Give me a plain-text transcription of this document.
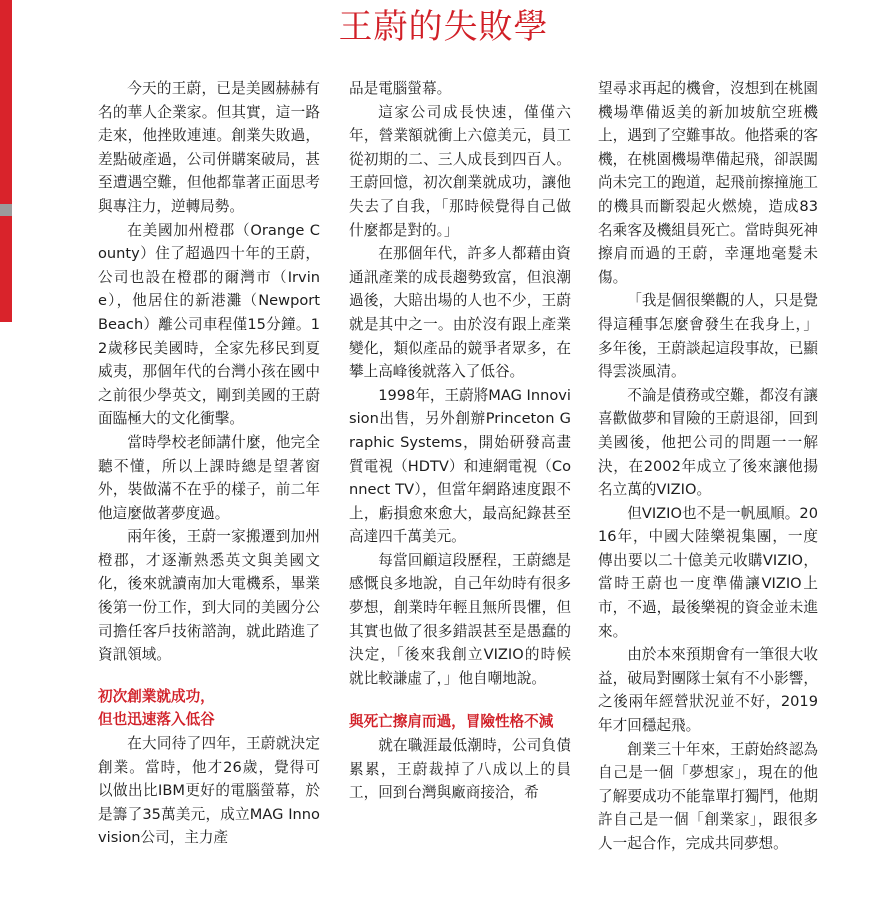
王蔚的失敗學

今天的王蔚，已是美國赫赫有名的華人企業家。但其實，這一路走來，他挫敗連連。創業失敗過，差點破產過，公司併購案破局，甚至遭遇空難，但他都靠著正面思考與專注力，逆轉局勢。

在美國加州橙郡（Orange County）住了超過四十年的王蔚，公司也設在橙郡的爾灣市（Irvine），他居住的新港灘（Newport Beach）離公司車程僅15分鐘。12歲移民美國時，全家先移民到夏威夷，那個年代的台灣小孩在國中之前很少學英文，剛到美國的王蔚面臨極大的文化衝擊。

當時學校老師講什麼，他完全聽不懂，所以上課時總是望著窗外，裝做滿不在乎的樣子，前二年他這麼做著夢度過。

兩年後，王蔚一家搬遷到加州橙郡，才逐漸熟悉英文與美國文化，後來就讀南加大電機系，畢業後第一份工作，到大同的美國分公司擔任客戶技術諮詢，就此踏進了資訊領域。

初次創業就成功，
但也迅速落入低谷

在大同待了四年，王蔚就決定創業。當時，他才26歲，覺得可以做出比IBM更好的電腦螢幕，於是籌了35萬美元，成立MAG Innovision公司，主力產

品是電腦螢幕。

這家公司成長快速，僅僅六年，營業額就衝上六億美元，員工從初期的二、三人成長到四百人。王蔚回憶，初次創業就成功，讓他失去了自我，「那時候覺得自己做什麼都是對的。」

在那個年代，許多人都藉由資通訊產業的成長趨勢致富，但浪潮過後，大賠出場的人也不少，王蔚就是其中之一。由於沒有跟上產業變化，類似產品的競爭者眾多，在攀上高峰後就落入了低谷。

1998年，王蔚將MAG Innovision出售，另外創辦Princeton Graphic Systems，開始研發高畫質電視（HDTV）和連網電視（Connect TV），但當年網路速度跟不上，虧損愈來愈大，最高紀錄甚至高達四千萬美元。

每當回顧這段歷程，王蔚總是感慨良多地說，自己年幼時有很多夢想，創業時年輕且無所畏懼，但其實也做了很多錯誤甚至是愚蠢的決定，「後來我創立VIZIO的時候就比較謙虛了，」他自嘲地說。

與死亡擦肩而過，冒險性格不減

就在職涯最低潮時，公司負債累累，王蔚裁掉了八成以上的員工，回到台灣與廠商接洽，希

望尋求再起的機會，沒想到在桃園機場準備返美的新加坡航空班機上，遇到了空難事故。他搭乘的客機，在桃園機場準備起飛，卻誤闖尚未完工的跑道，起飛前擦撞施工的機具而斷裂起火燃燒，造成83名乘客及機組員死亡。當時與死神擦肩而過的王蔚，幸運地毫髮未傷。

「我是個很樂觀的人，只是覺得這種事怎麼會發生在我身上，」多年後，王蔚談起這段事故，已顯得雲淡風清。

不論是債務或空難，都沒有讓喜歡做夢和冒險的王蔚退卻，回到美國後，他把公司的問題一一解決，在2002年成立了後來讓他揚名立萬的VIZIO。

但VIZIO也不是一帆風順。2016年，中國大陸樂視集團，一度傳出要以二十億美元收購VIZIO，當時王蔚也一度準備讓VIZIO上市，不過，最後樂視的資金並未進來。

由於本來預期會有一筆很大收益，破局對團隊士氣有不小影響，之後兩年經營狀況並不好，2019年才回穩起飛。

創業三十年來，王蔚始終認為自己是一個「夢想家」，現在的他了解要成功不能靠單打獨鬥，他期許自己是一個「創業家」，跟很多人一起合作，完成共同夢想。
